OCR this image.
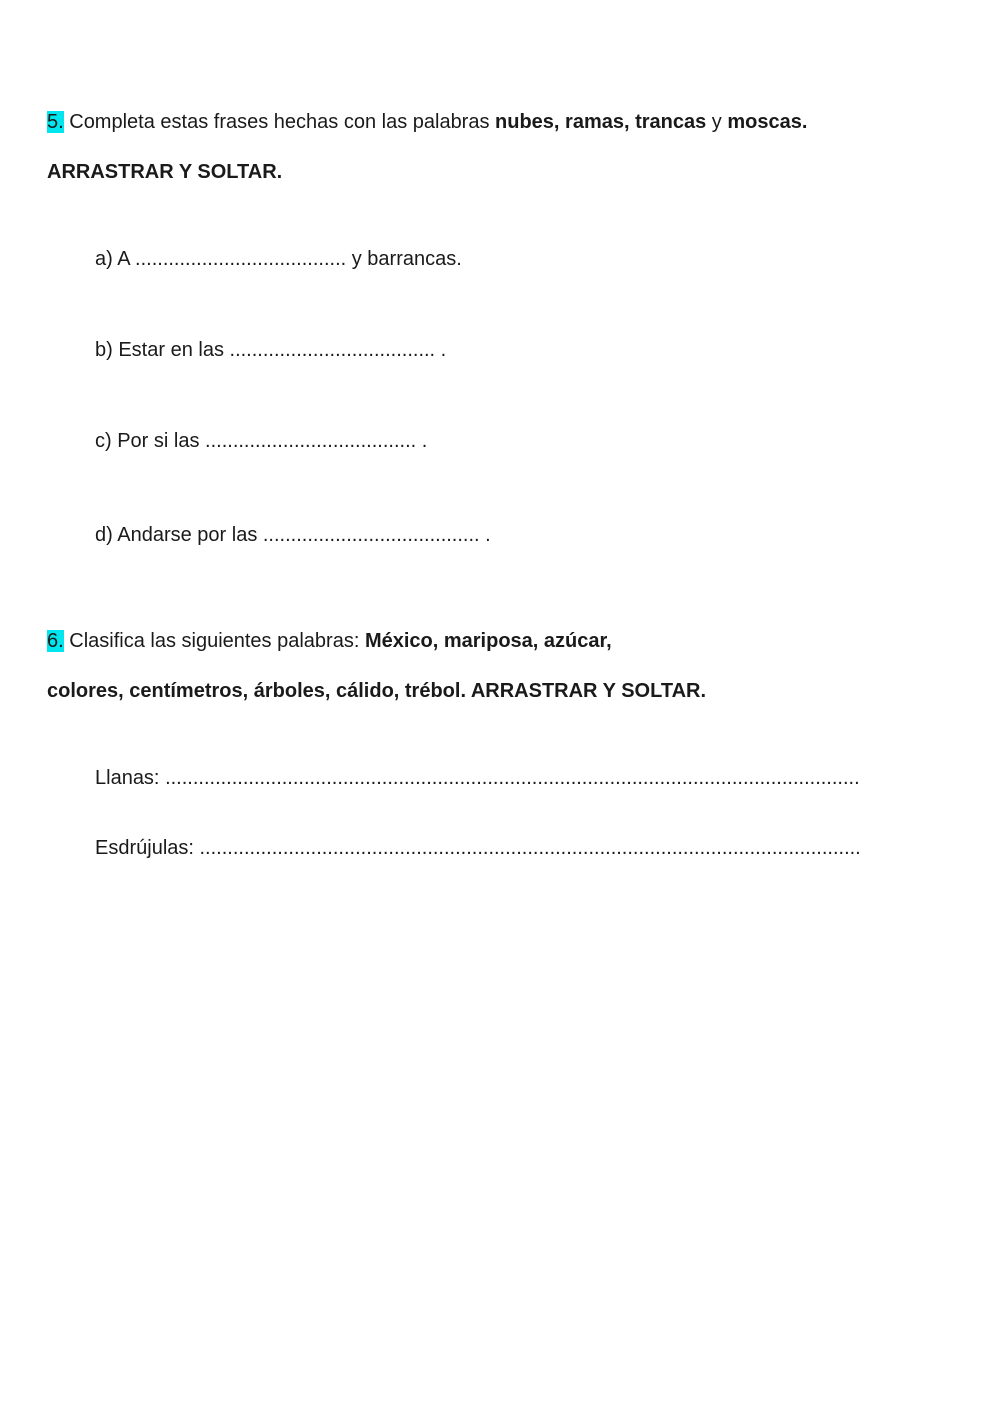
5. Completa estas frases hechas con las palabras nubes, ramas, trancas y moscas.
ARRASTRAR Y SOLTAR.
a) A ...................................... y barrancas.
b) Estar en las ..................................... .
c) Por si las ...................................... .
d) Andarse por las ....................................... .
6. Clasifica las siguientes palabras: México, mariposa, azúcar,
colores, centímetros, árboles, cálido, trébol. ARRASTRAR Y SOLTAR.
Llanas: .............................................................................................................................
Esdrújulas: .......................................................................................................................
